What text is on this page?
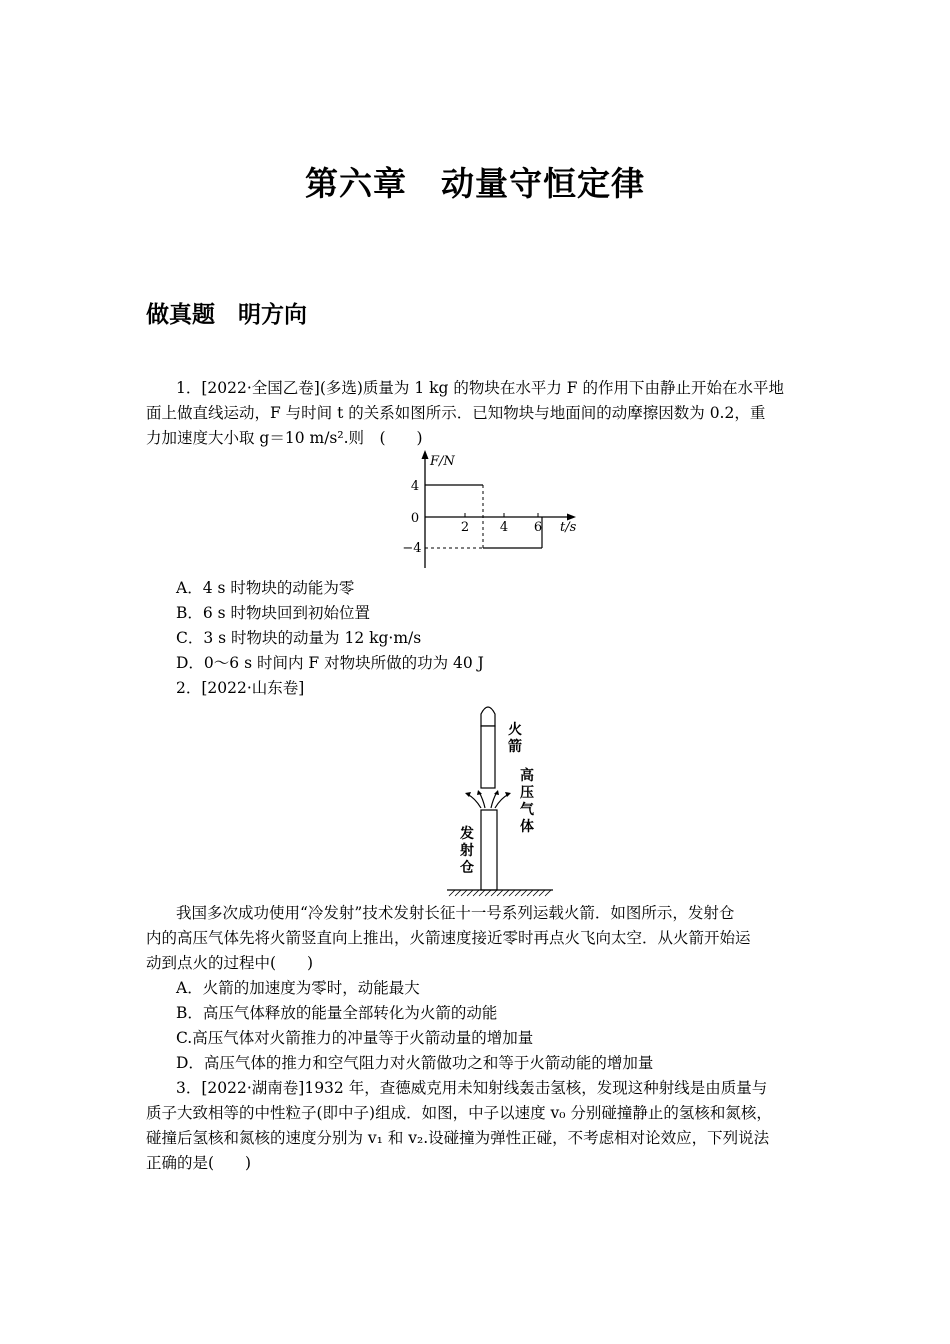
第六章　动量守恒定律
做真题　明方向
1．[2022·全国乙卷](多选)质量为 1 kg 的物块在水平力 F 的作用下由静止开始在水平地
面上做直线运动，F 与时间 t 的关系如图所示．已知物块与地面间的动摩擦因数为 0.2，重
力加速度大小取 g＝10 m/s².则　(　　)
F/N
t/s
4
0
−4
2 4 6
A．4 s 时物块的动能为零
B．6 s 时物块回到初始位置
C．3 s 时物块的动量为 12 kg·m/s
D．0～6 s 时间内 F 对物块所做的功为 40 J
2．[2022·山东卷]
火箭
高压气体
发射仓
我国多次成功使用“冷发射”技术发射长征十一号系列运载火箭．如图所示，发射仓
内的高压气体先将火箭竖直向上推出，火箭速度接近零时再点火飞向太空．从火箭开始运
动到点火的过程中(　　)
A．火箭的加速度为零时，动能最大
B．高压气体释放的能量全部转化为火箭的动能
C.高压气体对火箭推力的冲量等于火箭动量的增加量
D．高压气体的推力和空气阻力对火箭做功之和等于火箭动能的增加量
3．[2022·湖南卷]1932 年，查德威克用未知射线轰击氢核，发现这种射线是由质量与
质子大致相等的中性粒子(即中子)组成．如图，中子以速度 v₀ 分别碰撞静止的氢核和氮核，
碰撞后氢核和氮核的速度分别为 v₁ 和 v₂.设碰撞为弹性正碰，不考虑相对论效应，下列说法
正确的是(　　)
